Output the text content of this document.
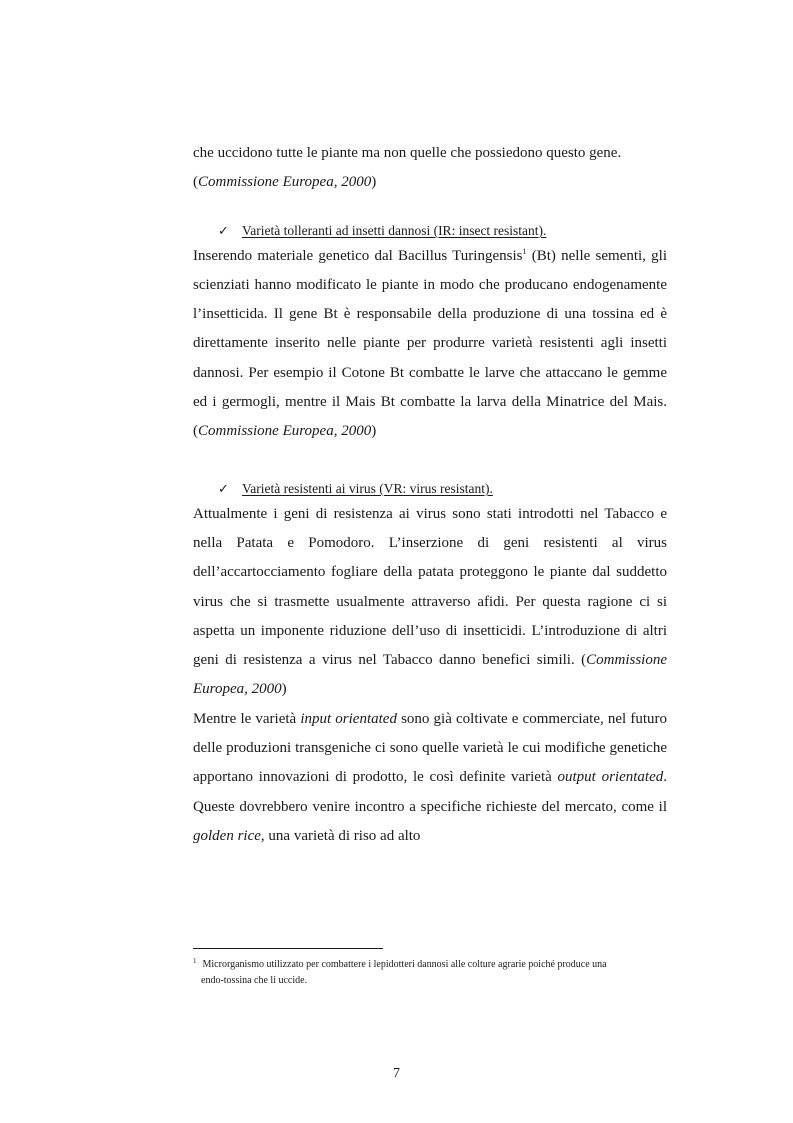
che uccidono tutte le piante ma non quelle che possiedono questo gene.
(Commissione Europea, 2000)

✓ Varietà tolleranti ad insetti dannosi (IR: insect resistant).

Inserendo materiale genetico dal Bacillus Turingensis$^1$ (Bt) nelle sementi, gli scienziati hanno modificato le piante in modo che producano endogenamente l’insetticida. Il gene Bt è responsabile della produzione di una tossina ed è direttamente inserito nelle piante per produrre varietà resistenti agli insetti dannosi. Per esempio il Cotone Bt combatte le larve che attaccano le gemme ed i germogli, mentre il Mais Bt combatte la larva della Minatrice del Mais. (Commissione Europea, 2000)

✓ Varietà resistenti ai virus (VR: virus resistant).

Attualmente i geni di resistenza ai virus sono stati introdotti nel Tabacco e nella Patata e Pomodoro. L’inserzione di geni resistenti al virus dell’accartocciamento fogliare della patata proteggono le piante dal suddetto virus che si trasmette usualmente attraverso afidi. Per questa ragione ci si aspetta un imponente riduzione dell’uso di insetticidi. L’introduzione di altri geni di resistenza a virus nel Tabacco danno benefici simili. (Commissione Europea, 2000)

Mentre le varietà input orientated sono già coltivate e commerciate, nel futuro delle produzioni transgeniche ci sono quelle varietà le cui modifiche genetiche apportano innovazioni di prodotto, le così definite varietà output orientated. Queste dovrebbero venire incontro a specifiche richieste del mercato, come il golden rice, una varietà di riso ad alto

$^1$ Microrganismo utilizzato per combattere i lepidotteri dannosi alle colture agrarie poiché produce una
endo-tossina che li uccide.
7
